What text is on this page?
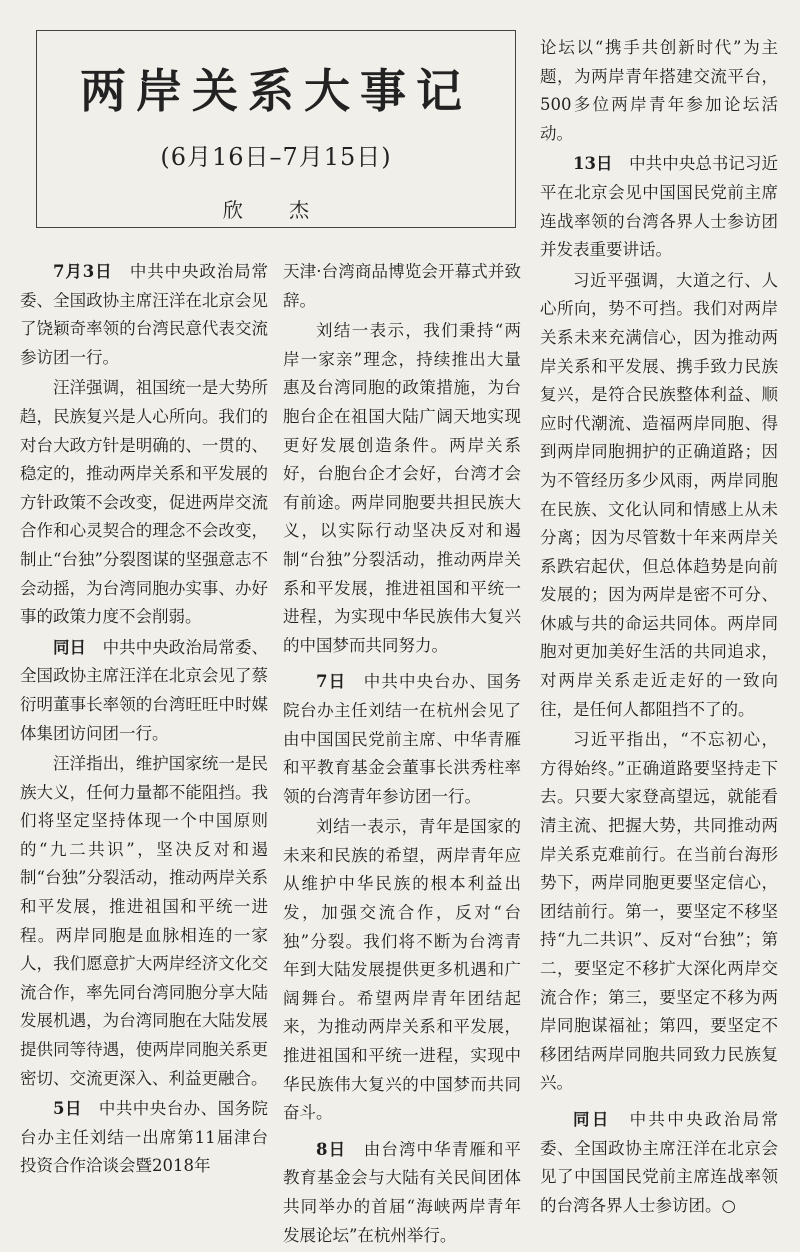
两岸关系大事记
(6月16日–7月15日)
欣 杰

7月3日　 中共中央政治局常委、全国政协主席汪洋在北京会见了饶颖奇率领的台湾民意代表交流参访团一行。

汪洋强调，祖国统一是大势所趋，民族复兴是人心所向。我们的对台大政方针是明确的、一贯的、稳定的，推动两岸关系和平发展的方针政策不会改变，促进两岸交流合作和心灵契合的理念不会改变，制止“台独”分裂图谋的坚强意志不会动摇，为台湾同胞办实事、办好事的政策力度不会削弱。

同日　 中共中央政治局常委、全国政协主席汪洋在北京会见了蔡衍明董事长率领的台湾旺旺中时媒体集团访问团一行。

汪洋指出，维护国家统一是民族大义，任何力量都不能阻挡。我们将坚定坚持体现一个中国原则的“九二共识”，坚决反对和遏制“台独”分裂活动，推动两岸关系和平发展，推进祖国和平统一进程。两岸同胞是血脉相连的一家人，我们愿意扩大两岸经济文化交流合作，率先同台湾同胞分享大陆发展机遇，为台湾同胞在大陆发展提供同等待遇，使两岸同胞关系更密切、交流更深入、利益更融合。

5日　 中共中央台办、国务院台办主任刘结一出席第11届津台投资合作洽谈会暨2018年

天津·台湾商品博览会开幕式并致辞。

刘结一表示，我们秉持“两岸一家亲”理念，持续推出大量惠及台湾同胞的政策措施，为台胞台企在祖国大陆广阔天地实现更好发展创造条件。两岸关系好，台胞台企才会好，台湾才会有前途。两岸同胞要共担民族大义，以实际行动坚决反对和遏制“台独”分裂活动，推动两岸关系和平发展，推进祖国和平统一进程，为实现中华民族伟大复兴的中国梦而共同努力。

7日　 中共中央台办、国务院台办主任刘结一在杭州会见了由中国国民党前主席、中华青雁和平教育基金会董事长洪秀柱率领的台湾青年参访团一行。

刘结一表示，青年是国家的未来和民族的希望，两岸青年应从维护中华民族的根本利益出发，加强交流合作，反对“台独”分裂。我们将不断为台湾青年到大陆发展提供更多机遇和广阔舞台。希望两岸青年团结起来，为推动两岸关系和平发展，推进祖国和平统一进程，实现中华民族伟大复兴的中国梦而共同奋斗。

8日　 由台湾中华青雁和平教育基金会与大陆有关民间团体共同举办的首届“海峡两岸青年发展论坛”在杭州举行。

论坛以“携手共创新时代”为主题，为两岸青年搭建交流平台，500多位两岸青年参加论坛活动。

13日　 中共中央总书记习近平在北京会见中国国民党前主席连战率领的台湾各界人士参访团并发表重要讲话。

习近平强调，大道之行、人心所向，势不可挡。我们对两岸关系未来充满信心，因为推动两岸关系和平发展、携手致力民族复兴，是符合民族整体利益、顺应时代潮流、造福两岸同胞、得到两岸同胞拥护的正确道路；因为不管经历多少风雨，两岸同胞在民族、文化认同和情感上从未分离；因为尽管数十年来两岸关系跌宕起伏，但总体趋势是向前发展的；因为两岸是密不可分、休戚与共的命运共同体。两岸同胞对更加美好生活的共同追求，对两岸关系走近走好的一致向往，是任何人都阻挡不了的。

习近平指出，“不忘初心，方得始终。”正确道路要坚持走下去。只要大家登高望远，就能看清主流、把握大势，共同推动两岸关系克难前行。在当前台海形势下，两岸同胞更要坚定信心，团结前行。第一，要坚定不移坚持“九二共识”、反对“台独”；第二，要坚定不移扩大深化两岸交流合作；第三，要坚定不移为两岸同胞谋福祉；第四，要坚定不移团结两岸同胞共同致力民族复兴。

同日　 中共中央政治局常委、全国政协主席汪洋在北京会见了中国国民党前主席连战率领的台湾各界人士参访团。○
